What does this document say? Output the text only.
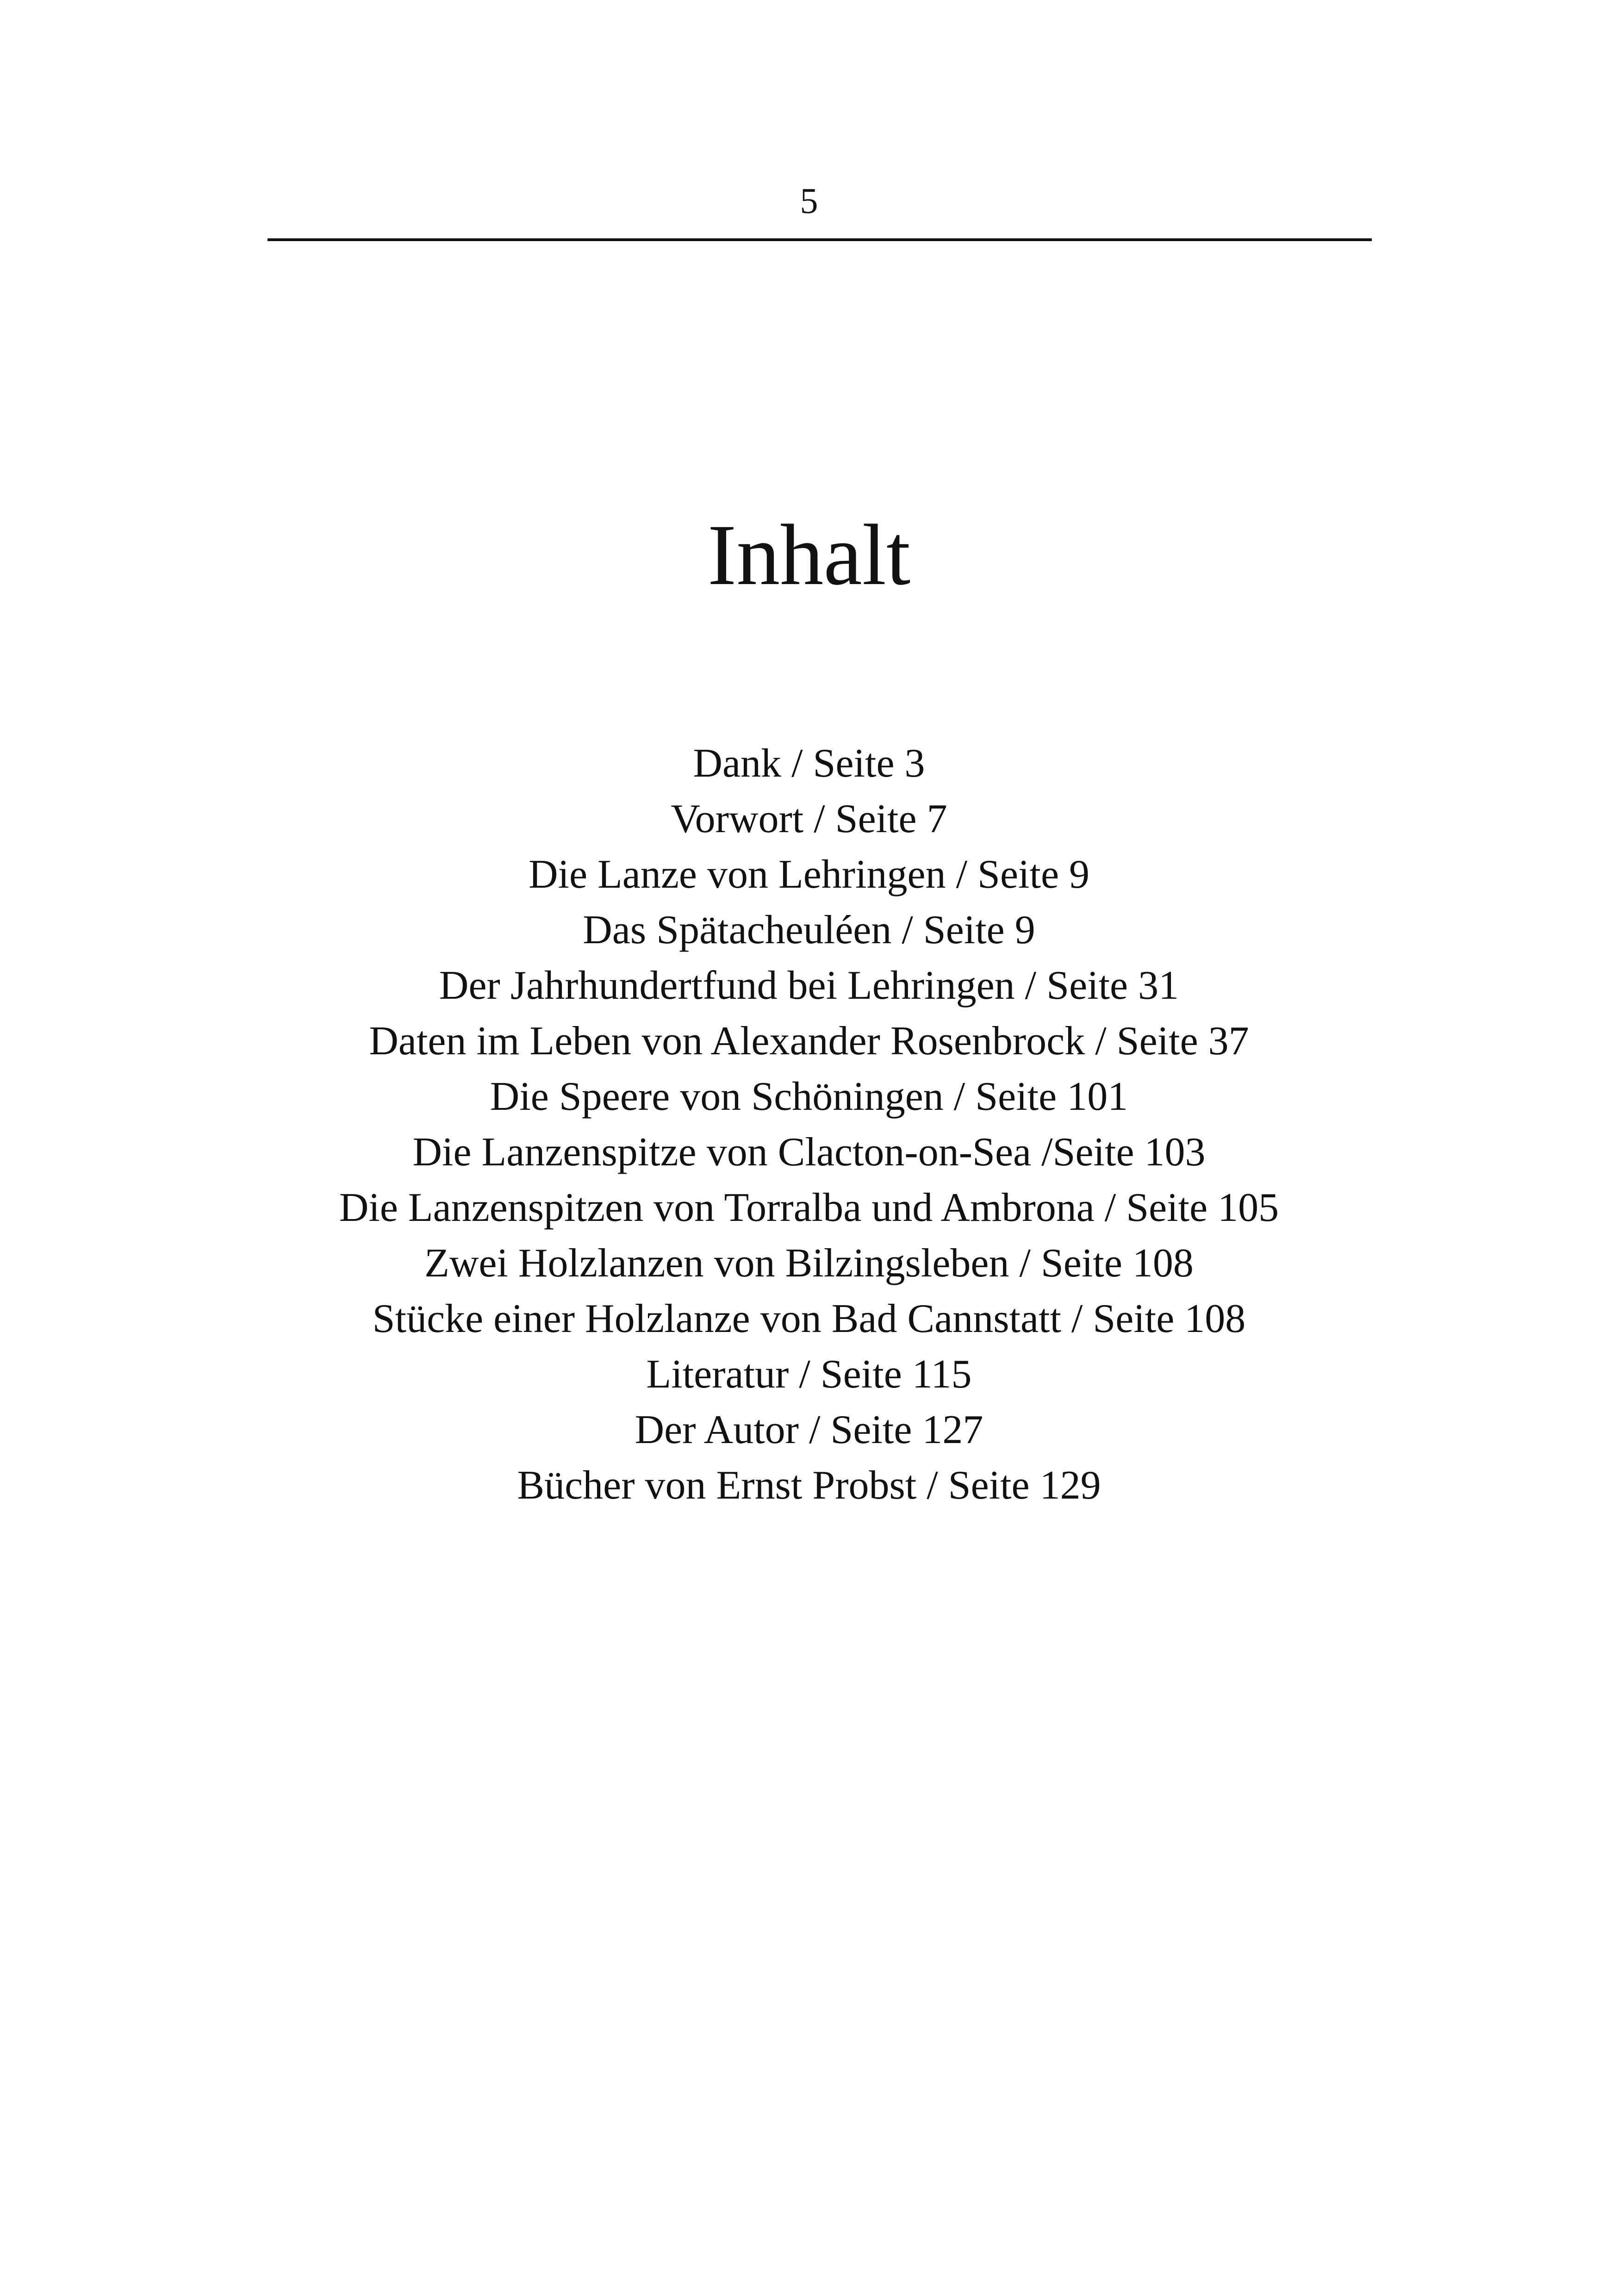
5
Inhalt
Dank / Seite 3
Vorwort / Seite 7
Die Lanze von Lehringen / Seite 9
Das Spätacheuléen / Seite 9
Der Jahrhundertfund bei Lehringen / Seite 31
Daten im Leben von Alexander Rosenbrock / Seite 37
Die Speere von Schöningen / Seite 101
Die Lanzenspitze von Clacton-on-Sea /Seite 103
Die Lanzenspitzen von Torralba und Ambrona / Seite 105
Zwei Holzlanzen von Bilzingsleben / Seite 108
Stücke einer Holzlanze von Bad Cannstatt / Seite 108
Literatur / Seite 115
Der Autor / Seite 127
Bücher von Ernst Probst / Seite 129
